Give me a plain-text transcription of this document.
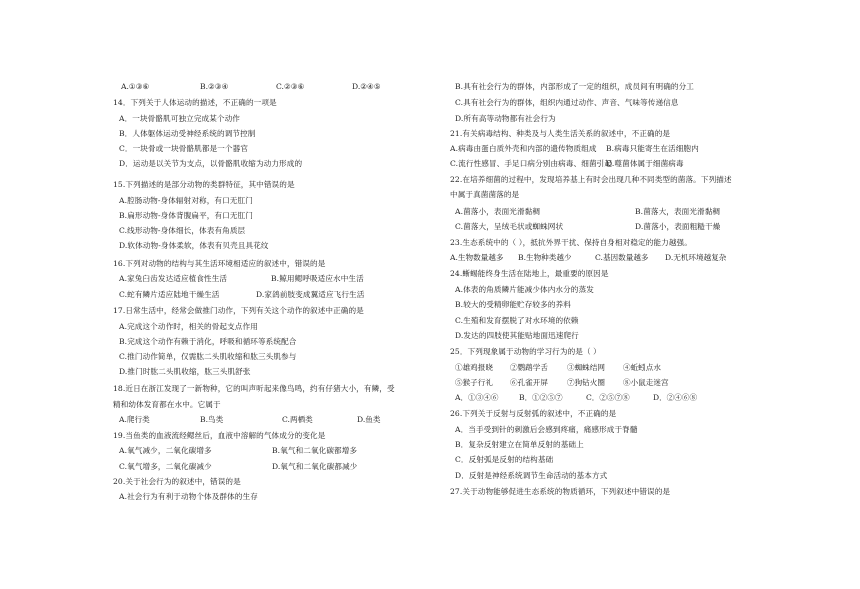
A.①③⑥	B.②③④	C.②③⑥	D.②④⑤
14．下列关于人体运动的描述，不正确的一项是
A．一块骨骼肌可独立完成某个动作
B．人体躯体运动受神经系统的调节控制
C．一块骨或一块骨骼肌都是一个器官
D．运动是以关节为支点，以骨骼肌收缩为动力形成的
15.下列描述的是部分动物的类群特征，其中错误的是
A.腔肠动物-身体辐射对称，有口无肛门
B.扁形动物-身体背腹扁平，有口无肛门
C.线形动物-身体细长，体表有角质层
D.软体动物-身体柔软，体表有贝壳且具花纹
16.下列对动物的结构与其生活环境相适应的叙述中，错误的是
A.家兔臼齿发达适应植食性生活	B.鲸用鳃呼吸适应水中生活
C.蛇有鳞片适应陆地干燥生活	D.家鸽前肢变成翼适应飞行生活
17.日常生活中，经常会做推门动作，下列有关这个动作的叙述中正确的是
A.完成这个动作时，相关的骨起支点作用
B.完成这个动作有赖于消化，呼吸和循环等系统配合
C.推门动作简单，仅需肱二头肌收缩和肱三头肌参与
D.推门时肱二头肌收缩，肱三头肌舒张
18.近日在浙江发现了一新物种，它的叫声听起来像鸟鸣，约有仔猪大小，有鳞，受
精和幼体发育都在水中。它属于
A.爬行类	B.鸟类	C.两栖类	D.鱼类
19.当鱼类的血液流经鳃丝后，血液中溶解的气体成分的变化是
A.氧气减少，二氧化碳增多	B.氧气和二氧化碳都增多
C.氧气增多，二氧化碳减少	D.氧气和二氧化碳都减少
20.关于社会行为的叙述中，错误的是
A.社会行为有利于动物个体及群体的生存
B.具有社会行为的群体，内部形成了一定的组织，成员间有明确的分工
C.具有社会行为的群体，组织内通过动作、声音、气味等传递信息
D.所有高等动物都有社会行为
21.有关病毒结构、种类及与人类生活关系的叙述中，不正确的是
A.病毒由蛋白质外壳和内部的遗传物质组成 B.病毒只能寄生在活细胞内
C.流行性感冒、手足口病分别由病毒、细菌引起
D.噬菌体属于细菌病毒
22.在培养细菌的过程中，发现培养基上有时会出现几种不同类型的菌落。下列描述
中属于真菌菌落的是
A.菌落小，表面光滑黏稠	B.菌落大，表面光滑黏稠
C.菌落大，呈绒毛状或蜘蛛网状	D.菌落小，表面粗糙干燥
23.生态系统中的（ ），抵抗外界干扰、保持自身相对稳定的能力越强。
A.生物数量越多 B.生物种类越少	C.基因数量越多 D.无机环境越复杂
24.蜥蜴能终身生活在陆地上，最重要的原因是
A.体表的角质鳞片能减少体内水分的蒸发
B.较大的受精卵能贮存较多的养料
C.生殖和发育摆脱了对水环境的依赖
D.发达的四肢使其能贴地面迅速爬行
25．下列现象属于动物的学习行为的是（ ）
①雄鸡报晓 ②鹦鹉学舌	③蜘蛛结网 ④蚯蚓点水
⑤猴子行礼 ⑥孔雀开屏	⑦狗钻火圈 ⑧小鼠走迷宫
A．①③④⑥	B．①②⑤⑦	C．②⑤⑦⑧	D．②④⑥⑧
26.下列关于反射与反射弧的叙述中，不正确的是
A．当手受到针的刺激后会感到疼痛，痛感形成于脊髓
B．复杂反射建立在简单反射的基础上
C．反射弧是反射的结构基础
D．反射是神经系统调节生命活动的基本方式
27.关于动物能够促进生态系统的物质循环，下列叙述中错误的是
